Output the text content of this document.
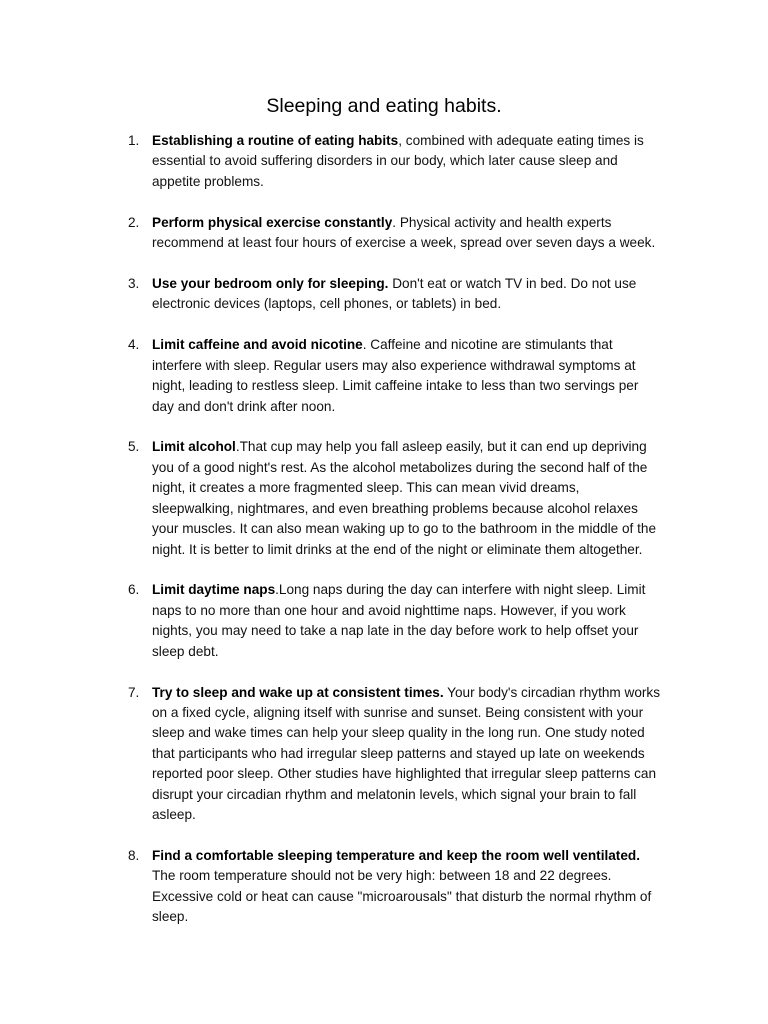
Sleeping and eating habits.
1. Establishing a routine of eating habits, combined with adequate eating times is essential to avoid suffering disorders in our body, which later cause sleep and appetite problems.
2. Perform physical exercise constantly. Physical activity and health experts recommend at least four hours of exercise a week, spread over seven days a week.
3. Use your bedroom only for sleeping. Don't eat or watch TV in bed. Do not use electronic devices (laptops, cell phones, or tablets) in bed.
4. Limit caffeine and avoid nicotine. Caffeine and nicotine are stimulants that interfere with sleep. Regular users may also experience withdrawal symptoms at night, leading to restless sleep. Limit caffeine intake to less than two servings per day and don't drink after noon.
5. Limit alcohol.That cup may help you fall asleep easily, but it can end up depriving you of a good night's rest. As the alcohol metabolizes during the second half of the night, it creates a more fragmented sleep. This can mean vivid dreams, sleepwalking, nightmares, and even breathing problems because alcohol relaxes your muscles. It can also mean waking up to go to the bathroom in the middle of the night. It is better to limit drinks at the end of the night or eliminate them altogether.
6. Limit daytime naps.Long naps during the day can interfere with night sleep. Limit naps to no more than one hour and avoid nighttime naps. However, if you work nights, you may need to take a nap late in the day before work to help offset your sleep debt.
7. Try to sleep and wake up at consistent times. Your body's circadian rhythm works on a fixed cycle, aligning itself with sunrise and sunset. Being consistent with your sleep and wake times can help your sleep quality in the long run. One study noted that participants who had irregular sleep patterns and stayed up late on weekends reported poor sleep. Other studies have highlighted that irregular sleep patterns can disrupt your circadian rhythm and melatonin levels, which signal your brain to fall asleep.
8. Find a comfortable sleeping temperature and keep the room well ventilated. The room temperature should not be very high: between 18 and 22 degrees. Excessive cold or heat can cause "microarousals" that disturb the normal rhythm of sleep.
